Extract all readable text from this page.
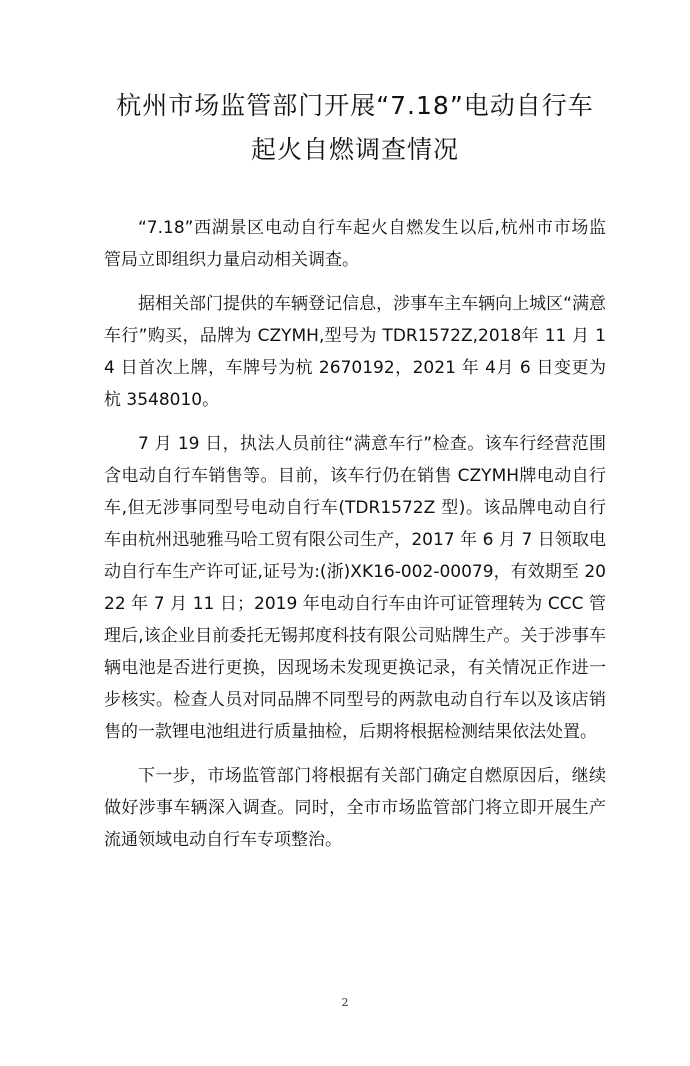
杭州市场监管部门开展“7.18”电动自行车
起火自燃调查情况

“7.18”西湖景区电动自行车起火自燃发生以后,杭州市市场监管局立即组织力量启动相关调查。

据相关部门提供的车辆登记信息，涉事车主车辆向上城区“满意车行”购买，品牌为 CZYMH,型号为 TDR1572Z,2018年 11 月 14 日首次上牌，车牌号为杭 2670192，2021 年 4月 6 日变更为杭 3548010。

7 月 19 日，执法人员前往“满意车行”检查。该车行经营范围含电动自行车销售等。目前，该车行仍在销售 CZYMH牌电动自行车,但无涉事同型号电动自行车(TDR1572Z 型)。该品牌电动自行车由杭州迅驰雅马哈工贸有限公司生产，2017 年 6 月 7 日领取电动自行车生产许可证,证号为:(浙)XK16-002-00079，有效期至 2022 年 7 月 11 日；2019 年电动自行车由许可证管理转为 CCC 管理后,该企业目前委托无锡邦度科技有限公司贴牌生产。关于涉事车辆电池是否进行更换，因现场未发现更换记录，有关情况正作进一步核实。检查人员对同品牌不同型号的两款电动自行车以及该店销售的一款锂电池组进行质量抽检，后期将根据检测结果依法处置。

下一步，市场监管部门将根据有关部门确定自燃原因后，继续做好涉事车辆深入调查。同时，全市市场监管部门将立即开展生产流通领域电动自行车专项整治。

2
